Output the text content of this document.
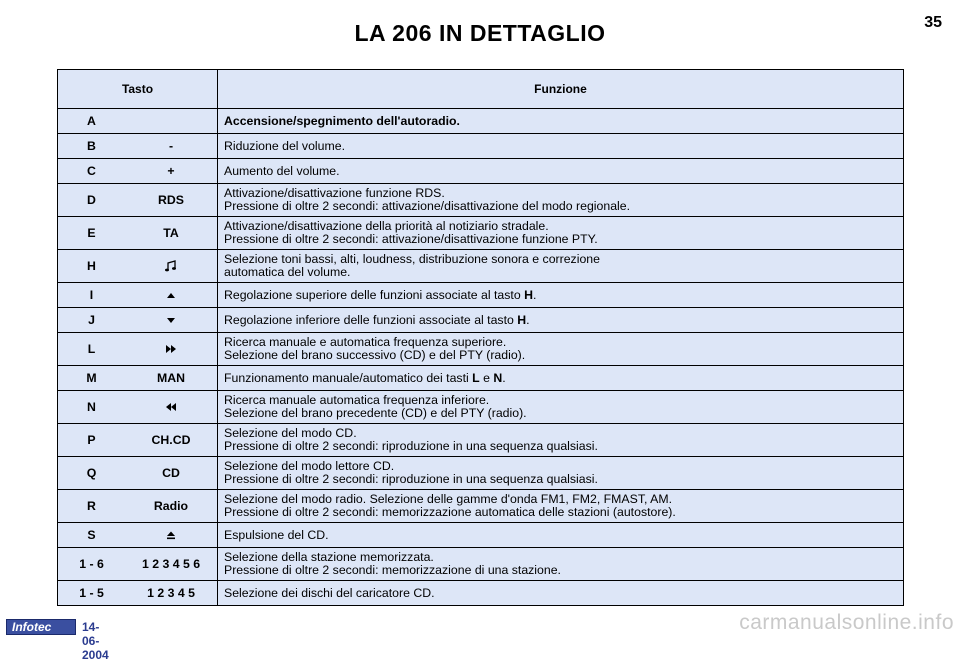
LA 206 IN DETTAGLIO	35
Tasto		Funzione
A		Accensione/spegnimento dell'autoradio.
B	-	Riduzione del volume.
C	+	Aumento del volume.
D	RDS	Attivazione/disattivazione funzione RDS.
Pressione di oltre 2 secondi: attivazione/disattivazione del modo regionale.
E	TA	Attivazione/disattivazione della priorità al notiziario stradale.
Pressione di oltre 2 secondi: attivazione/disattivazione funzione PTY.
H		Selezione toni bassi, alti, loudness, distribuzione sonora e correzione
automatica del volume.
I		Regolazione superiore delle funzioni associate al tasto H.
J		Regolazione inferiore delle funzioni associate al tasto H.
L		Ricerca manuale e automatica frequenza superiore.
Selezione del brano successivo (CD) e del PTY (radio).
M	MAN	Funzionamento manuale/automatico dei tasti L e N.
N		Ricerca manuale automatica frequenza inferiore.
Selezione del brano precedente (CD) e del PTY (radio).
P	CH.CD	Selezione del modo CD.
Pressione di oltre 2 secondi: riproduzione in una sequenza qualsiasi.
Q	CD	Selezione del modo lettore CD.
Pressione di oltre 2 secondi: riproduzione in una sequenza qualsiasi.
R	Radio	Selezione del modo radio. Selezione delle gamme d'onda FM1, FM2, FMAST, AM.
Pressione di oltre 2 secondi: memorizzazione automatica delle stazioni (autostore).
S		Espulsione del CD.
1 - 6	1 2 3 4 5 6	Selezione della stazione memorizzata.
Pressione di oltre 2 secondi: memorizzazione di una stazione.
1 - 5	1 2 3 4 5	Selezione dei dischi del caricatore CD.
Infotec	14-06-2004
carmanualsonline.info
